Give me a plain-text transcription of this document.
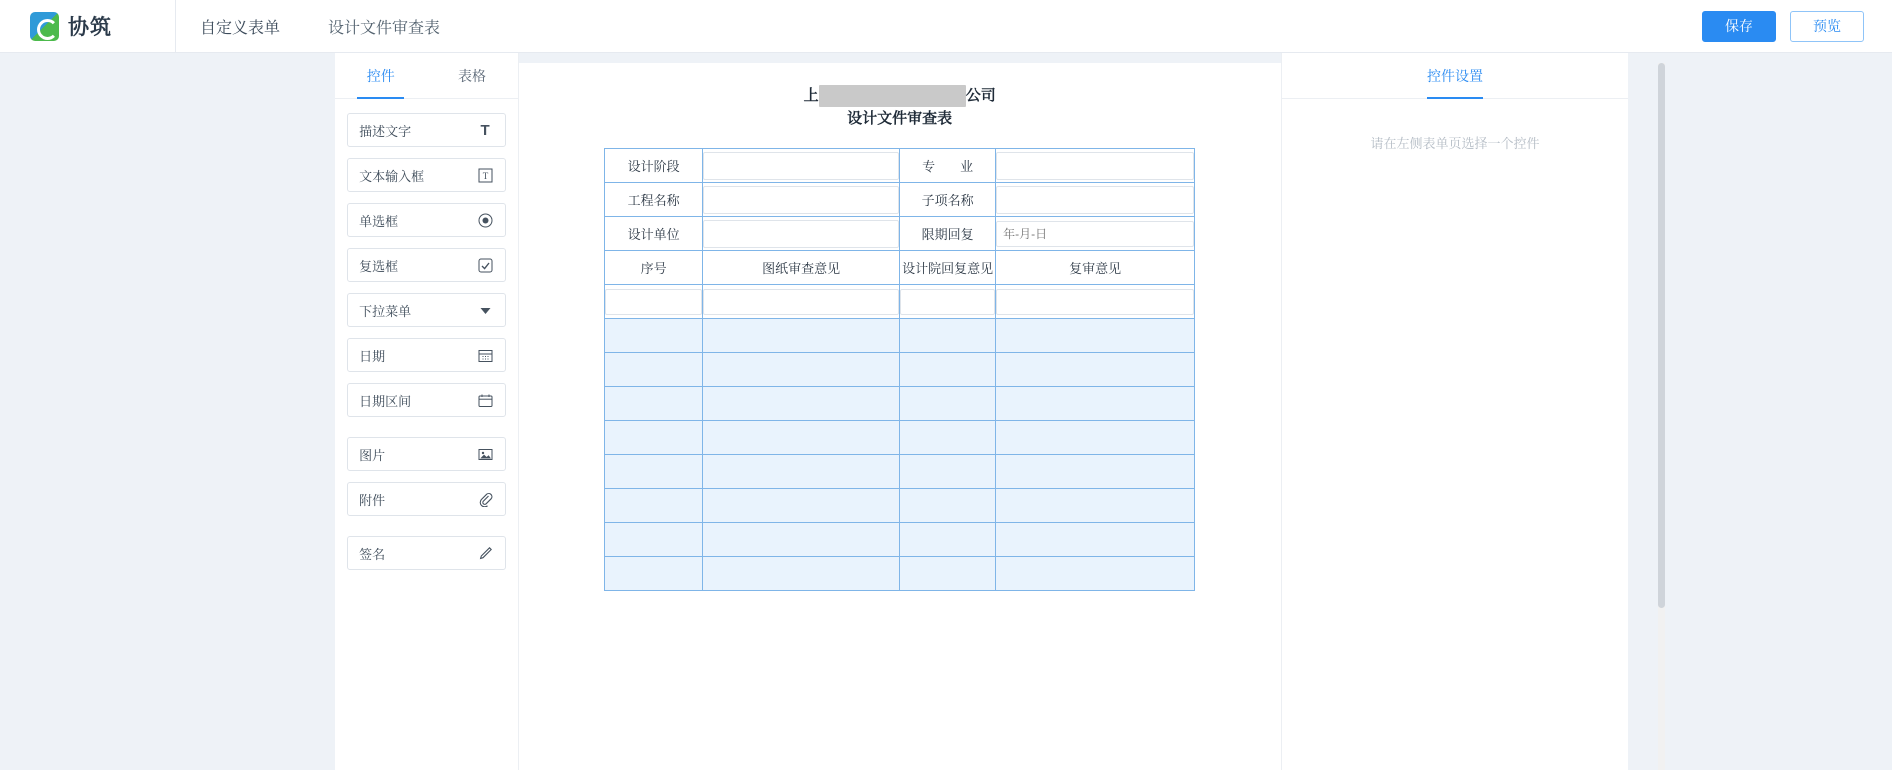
协筑	自定义表单	设计文件审查表	保存	预览
控件	表格
描述文字	T
文本输入框	T
单选框
复选框
下拉菜单
日期
日期区间
图片
附件
签名
上	公司
设计文件审查表
设计阶段		专　业	

工程名称		子项名称	

设计单位		限期回复	年-月-日
序号	图纸审查意见	设计院回复意见	复审意见

控件设置
请在左侧表单页选择一个控件
